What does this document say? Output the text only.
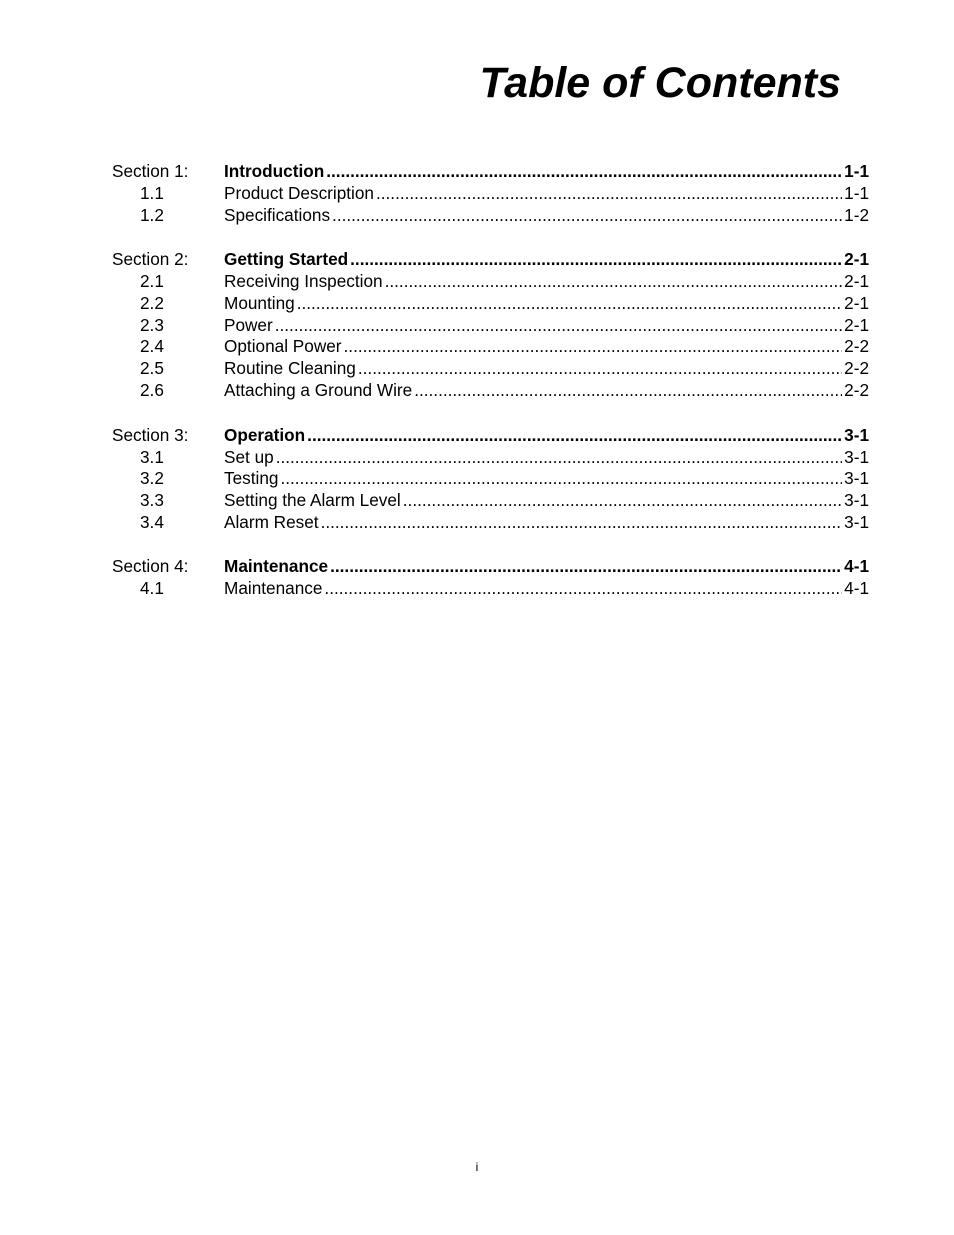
Table of Contents
Section 1:	Introduction .....	1-1
1.1	Product Description .....	1-1
1.2	Specifications .....	1-2
Section 2:	Getting Started .....	2-1
2.1	Receiving Inspection .....	2-1
2.2	Mounting .....	2-1
2.3	Power .....	2-1
2.4	Optional Power .....	2-2
2.5	Routine Cleaning .....	2-2
2.6	Attaching a Ground Wire .....	2-2
Section 3:	Operation .....	3-1
3.1	Set up .....	3-1
3.2	Testing .....	3-1
3.3	Setting the Alarm Level .....	3-1
3.4	Alarm Reset .....	3-1
Section 4:	Maintenance .....	4-1
4.1	Maintenance .....	4-1
i
